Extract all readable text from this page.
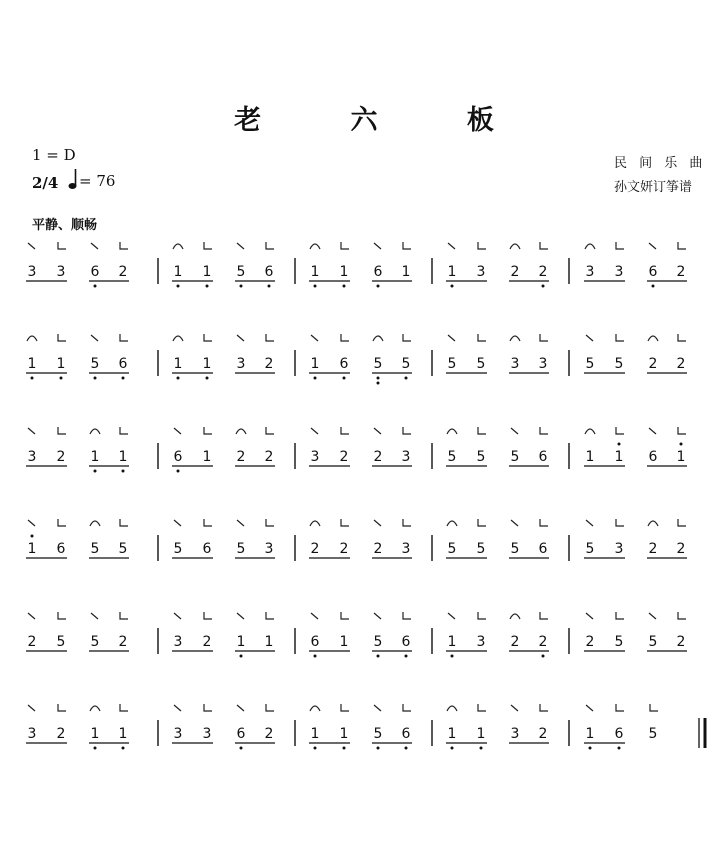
老 六 板
1 = D
2/4 = 76
民 间 乐 曲
孙文妍订筝谱
平静、顺畅
3 3 6 2	1 1 5 6	1 1 6 1	1 3 2 2	3 3 6 2
1 1 5 6	1 1 3 2	1 6 5 5	5 5 3 3	5 5 2 2
3 2 1 1	6 1 2 2	3 2 2 3	5 5 5 6	1 1 6 1
1 6 5 5	5 6 5 3	2 2 2 3	5 5 5 6	5 3 2 2
2 5 5 2	3 2 1 1	6 1 5 6	1 3 2 2	2 5 5 2
3 2 1 1	3 3 6 2	1 1 5 6	1 1 3 2	1 6 5
